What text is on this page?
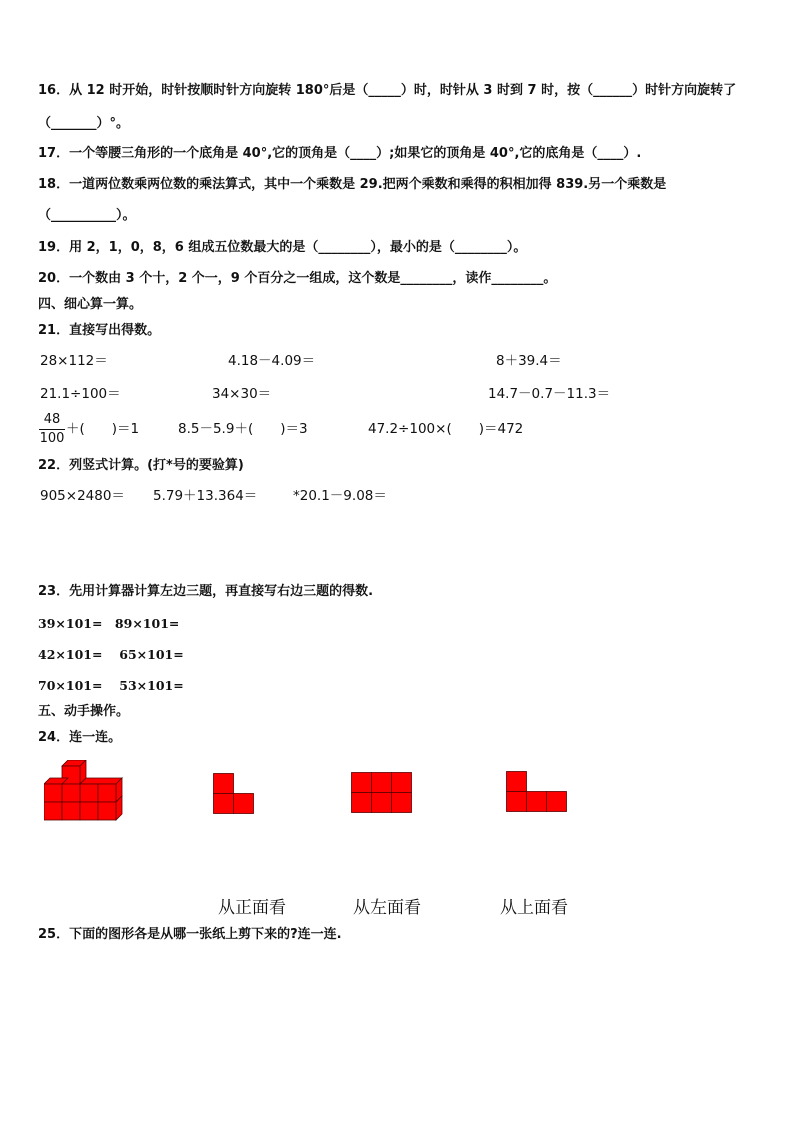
16．从 12 时开始，时针按顺时针方向旋转 180°后是（_____）时，时针从 3 时到 7 时，按（______）时针方向旋转了
（_______）°。
17．一个等腰三角形的一个底角是 40°,它的顶角是（____）;如果它的顶角是 40°,它的底角是（____）.
18．一道两位数乘两位数的乘法算式，其中一个乘数是 29.把两个乘数和乘得的积相加得 839.另一个乘数是
（__________）。
19．用 2，1，0，8，6 组成五位数最大的是（________），最小的是（________）。
20．一个数由 3 个十，2 个一，9 个百分之一组成，这个数是________，读作________。
四、细心算一算。
21．直接写出得数。
28×112＝	4.18－4.09＝	8＋39.4＝
21.1÷100＝	34×30＝	14.7－0.7－11.3＝
$\frac{48}{100}$ ＋(　　)＝1	8.5－5.9＋(　　)＝3	47.2÷100×(　　)＝472
22．列竖式计算。(打*号的要验算)
905×2480＝ 5.79＋13.364＝	*20.1－9.08＝
23．先用计算器计算左边三题，再直接写右边三题的得数.
39×101=　89×101=
42×101=　 65×101=
70×101=　 53×101=
五、动手操作。
24．连一连。
从正面看	从左面看	从上面看
25．下面的图形各是从哪一张纸上剪下来的?连一连.
